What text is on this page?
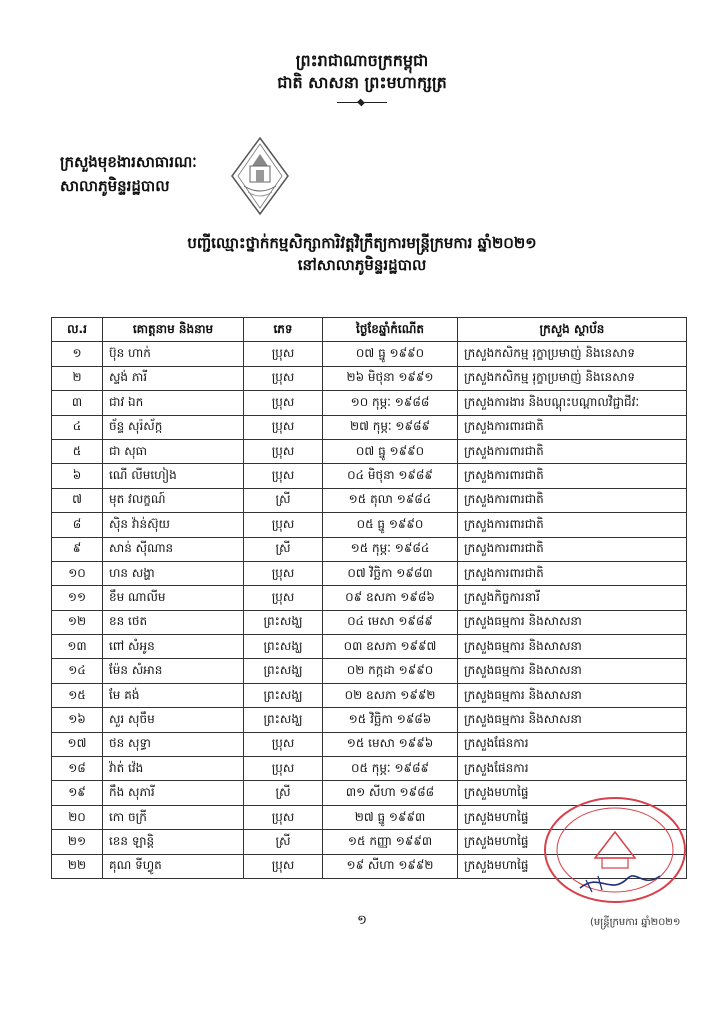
ព្រះរាជាណាចក្រកម្ពុជា
ជាតិ សាសនា ព្រះមហាក្សត្រ
ក្រសួងមុខងារសាធារណៈ
សាលាភូមិន្ទរដ្ឋបាល
បញ្ជីឈ្មោះថ្នាក់កម្មសិក្សាការិវត្តវិក្រឹត្យការមន្ត្រីក្រមការ ឆ្នាំ២០២១
នៅសាលាភូមិន្ទរដ្ឋបាល
ល.រ	គោត្តនាម និងនាម	ភេទ	ថ្ងៃខែឆ្នាំកំណើត	ក្រសួង ស្ថាប័ន
១	ប៊ុន ហាក់	ប្រុស	០៧ ធ្នូ ១៩៩០	ក្រសួងកសិកម្ម រុក្ខាប្រមាញ់ និងនេសាទ
២	ស្ទង់ ភារី	ប្រុស	២៦ មិថុនា ១៩៩១	ក្រសួងកសិកម្ម រុក្ខាប្រមាញ់ និងនេសាទ
៣	ជាវ ឯក	ប្រុស	១០ កុម្ភៈ ១៩៨៨	ក្រសួងការងារ និងបណ្តុះបណ្តាលវិជ្ជាជីវៈ
៤	ច័ន្ទ សុរ៉ស័ក្ក	ប្រុស	២៧ កុម្ភៈ ១៩៨៩	ក្រសួងការពារជាតិ
៥	ជា សុធា	ប្រុស	០៧ ធ្នូ ១៩៩០	ក្រសួងការពារជាតិ
៦	ណើ លីមហៀង	ប្រុស	០៤ មិថុនា ១៩៨៩	ក្រសួងការពារជាតិ
៧	មុត វលក្ខណ៍	ស្រី	១៥ តុលា ១៩៨៤	ក្រសួងការពារជាតិ
៨	ស៊ិន វ៉ាន់ស៊ុយ	ប្រុស	០៥ ធ្នូ ១៩៩០	ក្រសួងការពារជាតិ
៩	សាន់ ស៊ីណាន	ស្រី	១៥ កុម្ភៈ ១៩៨៤	ក្រសួងការពារជាតិ
១០	ហន សង្ហា	ប្រុស	០៧ វិច្ឆិកា ១៩៨៣	ក្រសួងការពារជាតិ
១១	ខឹម ណាលីម	ប្រុស	០៩ ឧសភា ១៩៨៦	ក្រសួងកិច្ចការនារី
១២	ខន ថេត	ព្រះសង្ឃ	០៤ មេសា ១៩៨៩	ក្រសួងធម្មការ និងសាសនា
១៣	ពៅ សំអូន	ព្រះសង្ឃ	០៣ ឧសភា ១៩៩៧	ក្រសួងធម្មការ និងសាសនា
១៤	ម៉ែន សំអាន	ព្រះសង្ឃ	០២ កក្កដា ១៩៩០	ក្រសួងធម្មការ និងសាសនា
១៥	មែ គង់	ព្រះសង្ឃ	០២ ឧសភា ១៩៩២	ក្រសួងធម្មការ និងសាសនា
១៦	សួរ សុចឹម	ព្រះសង្ឃ	១៥ វិច្ឆិកា ១៩៨៦	ក្រសួងធម្មការ និងសាសនា
១៧	ថន សុទ្ធា	ប្រុស	១៥ មេសា ១៩៩៦	ក្រសួងផែនការ
១៨	វ៉ាត់ វ៉េង	ប្រុស	០៥ កុម្ភៈ ១៩៨៩	ក្រសួងផែនការ
១៩	កឹង សុភារី	ស្រី	៣១ សីហា ១៩៨៨	ក្រសួងមហាផ្ទៃ
២០	កោ ចក្រី	ប្រុស	២៧ ធ្នូ ១៩៩៣	ក្រសួងមហាផ្ទៃ
២១	ខេន ឡាន្តិ	ស្រី	១៥ កញ្ញា ១៩៩៣	ក្រសួងមហាផ្ទៃ
២២	គុណ ទីហ្វូត	ប្រុស	១៩ សីហា ១៩៩២	ក្រសួងមហាផ្ទៃ
១	(មន្ត្រីក្រមការ ឆ្នាំ២០២១
